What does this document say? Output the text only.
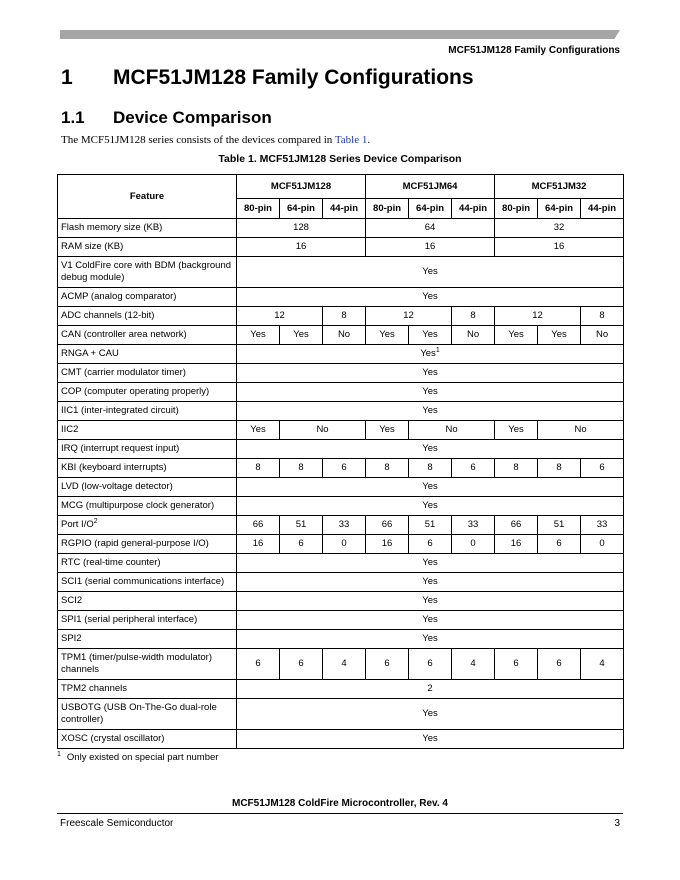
MCF51JM128 Family Configurations
1 MCF51JM128 Family Configurations
1.1 Device Comparison
The MCF51JM128 series consists of the devices compared in Table 1.
Table 1. MCF51JM128 Series Device Comparison
Feature	MCF51JM128			MCF51JM64			MCF51JM32		
	80-pin	64-pin	44-pin	80-pin	64-pin	44-pin	80-pin	64-pin	44-pin
Flash memory size (KB)	128			64			32		
RAM size (KB)	16			16			16		
V1 ColdFire core with BDM (background debug module)	Yes								
ACMP (analog comparator)	Yes								
ADC channels (12-bit)	12		8	12		8	12		8
CAN (controller area network)	Yes	Yes	No	Yes	Yes	No	Yes	Yes	No
RNGA + CAU	Yes$^1$
CMT (carrier modulator timer)	Yes								
COP (computer operating properly)	Yes								
IIC1 (inter-integrated circuit)	Yes								
IIC2	Yes	No		Yes	No		Yes	No	
IRQ (interrupt request input)	Yes								
KBI (keyboard interrupts)	8	8	6	8	8	6	8	8	6
LVD (low-voltage detector)	Yes								
MCG (multipurpose clock generator)	Yes								
Port $I/O^2$	66	51	33	66	51	33	66	51	33
RGPIO (rapid general-purpose I/O)	16	6	0	16	6	0	16	6	0
RTC (real-time counter)	Yes								
SCI1 (serial communications interface)	Yes								
SCI2	Yes								
SPI1 (serial peripheral interface)	Yes								
SPI2	Yes								
TPM1 (timer/pulse-width modulator) channels	6	6	4	6	6	4	6	6	4
TPM2 channels	2								
USBOTG (USB On-The-Go dual-role controller)	Yes								
XOSC (crystal oscillator)	Yes								
$^1$ Only existed on special part number
MCF51JM128 ColdFire Microcontroller, Rev. 4
Freescale Semiconductor	3
